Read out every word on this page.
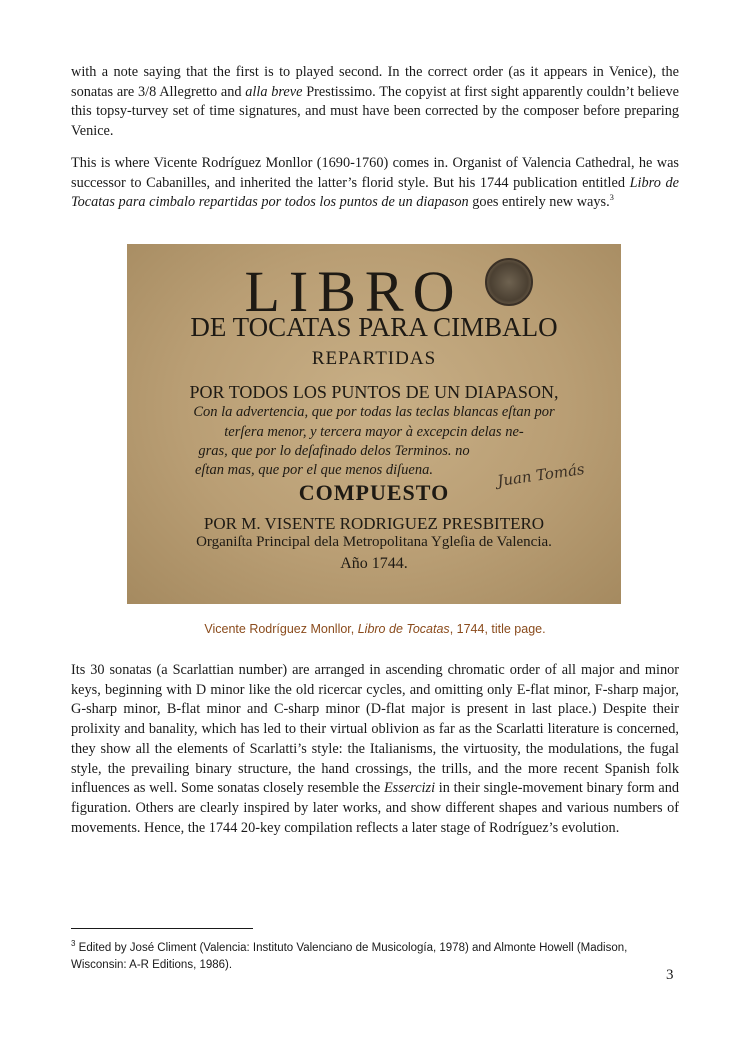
with a note saying that the first is to played second. In the correct order (as it appears in Venice), the sonatas are 3/8 Allegretto and alla breve Prestissimo. The copyist at first sight apparently couldn’t believe this topsy-turvey set of time signatures, and must have been corrected by the composer before preparing Venice.

This is where Vicente Rodríguez Monllor (1690-1760) comes in. Organist of Valencia Cathedral, he was successor to Cabanilles, and inherited the latter’s florid style. But his 1744 publication entitled Libro de Tocatas para cimbalo repartidas por todos los puntos de un diapason goes entirely new ways.$^3$

LIBRO

DE TOCATAS PARA CIMBALO

REPARTIDAS

POR TODOS LOS PUNTOS DE UN DIAPASON,

Con la advertencia, que por todas las teclas blancas eſtan por

terſera menor, y tercera mayor à excepcin delas ne-

gras, que por lo deſafinado delos Terminos. no

eſtan mas, que por el que menos diſuena.	Juan Tomás

COMPUESTO

POR M. VISENTE RODRIGUEZ PRESBITERO

Organiſta Principal dela Metropolitana Ygleſia de Valencia.

Año 1744.

Vicente Rodríguez Monllor, Libro de Tocatas, 1744, title page.

Its 30 sonatas (a Scarlattian number) are arranged in ascending chromatic order of all major and minor keys, beginning with D minor like the old ricercar cycles, and omitting only E-flat minor, F-sharp major, G-sharp minor, B-flat minor and C-sharp minor (D-flat major is present in last place.) Despite their prolixity and banality, which has led to their virtual oblivion as far as the Scarlatti literature is concerned, they show all the elements of Scarlatti’s style: the Italianisms, the virtuosity, the modulations, the fugal style, the prevailing binary structure, the hand crossings, the trills, and the more recent Spanish folk influences as well. Some sonatas closely resemble the Essercizi in their single-movement binary form and figuration. Others are clearly inspired by later works, and show different shapes and various numbers of movements. Hence, the 1744 20-key compilation reflects a later stage of Rodríguez’s evolution.

$^3$ Edited by José Climent (Valencia: Instituto Valenciano de Musicología, 1978) and Almonte Howell (Madison, Wisconsin: A-R Editions, 1986).

3
